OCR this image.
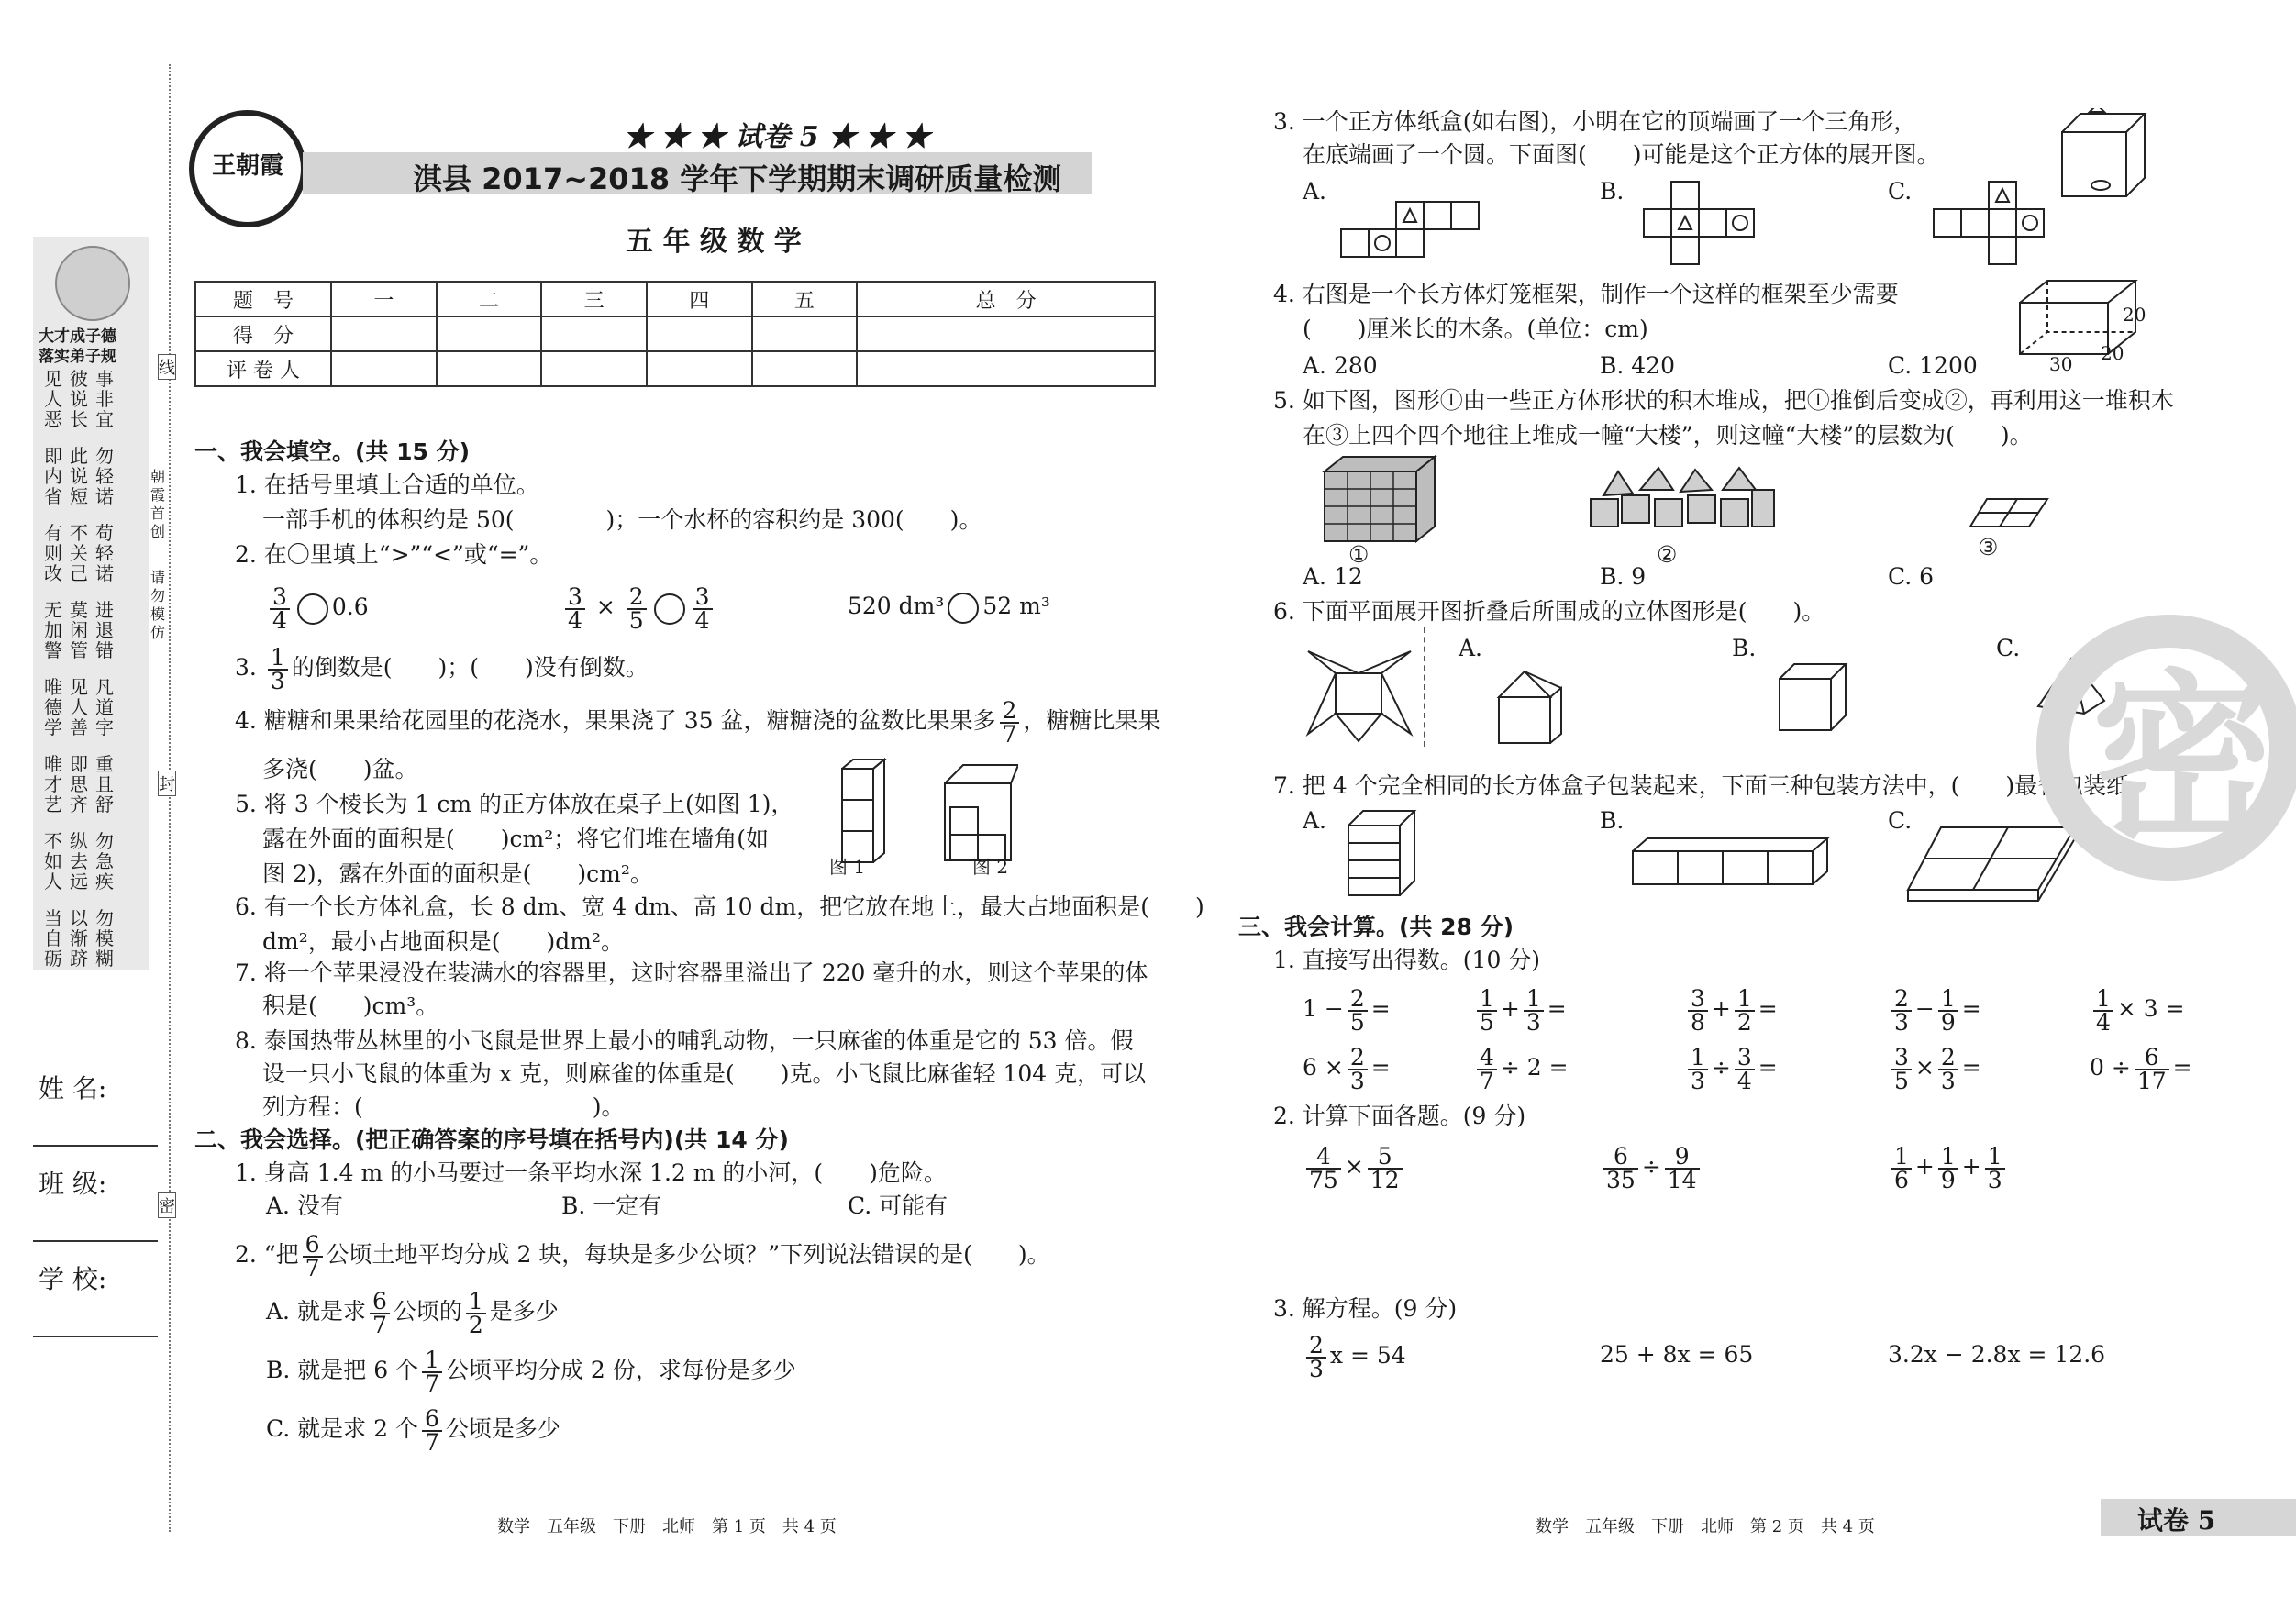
王朝霞
★ ★ ★ 试卷 5 ★ ★ ★
淇县 2017~2018 学年下学期期末调研质量检测
五 年 级 数 学
题　号	一	二	三	四	五	总　分
得　分						
评 卷 人						
大才成子德
落实弟子规
见人恶
彼说长
事非宜
即内省
此说短
勿轻诺
有则改
不关己
苟轻诺
无加警
莫闲管
进退错
唯德学
见人善
凡道字
唯才艺
即思齐
重且舒
不如人
纵去远
勿急疾
当自砺
以渐跻
勿模糊
线
封
密
朝霞首创
请勿模仿
姓 名:
班 级:
学 校:
一、我会填空。(共 15 分)
1. 在括号里填上合适的单位。
一部手机的体积约是 50(　　　　)；一个水杯的容积约是 300(　　)。
2. 在〇里填上“>”“<”或“=”。
$\frac{3}{4} 0.6$	$\frac{3}{4} \times \frac{2}{5} \frac{3}{4}$	520 dm³ 52 m³
3. $\frac{1}{3}$ 的倒数是(　　)；(　　)没有倒数。
4. 糖糖和果果给花园里的花浇水，果果浇了 35 盆，糖糖浇的盆数比果果多 $\frac{2}{7}$ ，糖糖比果果
多浇(　　)盆。
5. 将 3 个棱长为 1 cm 的正方体放在桌子上(如图 1)，
露在外面的面积是(　　)cm²；将它们堆在墙角(如
图 2)，露在外面的面积是(　　)cm²。	图 1	图 2
6. 有一个长方体礼盒，长 8 dm、宽 4 dm、高 10 dm，把它放在地上，最大占地面积是(　　)
dm²，最小占地面积是(　　)dm²。
7. 将一个苹果浸没在装满水的容器里，这时容器里溢出了 220 毫升的水，则这个苹果的体
积是(　　)cm³。
8. 泰国热带丛林里的小飞鼠是世界上最小的哺乳动物，一只麻雀的体重是它的 53 倍。假
设一只小飞鼠的体重为 x 克，则麻雀的体重是(　　)克。小飞鼠比麻雀轻 104 克，可以
列方程：(　　　　　　　　　　)。
二、我会选择。(把正确答案的序号填在括号内)(共 14 分)
1. 身高 1.4 m 的小马要过一条平均水深 1.2 m 的小河，(　　)危险。
A. 没有	B. 一定有	C. 可能有
2. “把 $\frac{6}{7}$ 公顷土地平均分成 2 块，每块是多少公顷？”下列说法错误的是(　　)。
A. 就是求 $\frac{6}{7}$ 公顷的 $\frac{1}{2}$ 是多少
B. 就是把 6 个 $\frac{1}{7}$ 公顷平均分成 2 份，求每份是多少
C. 就是求 2 个 $\frac{6}{7}$ 公顷是多少
3. 一个正方体纸盒(如右图)，小明在它的顶端画了一个三角形，
在底端画了一个圆。下面图(　　)可能是这个正方体的展开图。
A.	B.	C.
4. 右图是一个长方体灯笼框架，制作一个这样的框架至少需要
(　　)厘米长的木条。(单位：cm)
A. 280	B. 420	C. 1200
20
30 20
5. 如下图，图形①由一些正方体形状的积木堆成，把①推倒后变成②，再利用这一堆积木
在③上四个四个地往上堆成一幢“大楼”，则这幢“大楼”的层数为(　　)。
①	②	③
A. 12	B. 9	C. 6
6. 下面平面展开图折叠后所围成的立体图形是(　　)。
A.	B.	C.
7. 把 4 个完全相同的长方体盒子包装起来，下面三种包装方法中，(　　)最省包装纸。
A.	B.	C.
三、我会计算。(共 28 分)
1. 直接写出得数。(10 分)
$1 - \frac{2}{5}$ =	$\frac{1}{5} + \frac{1}{3}$ =	$\frac{3}{8} + \frac{1}{2}$ =	$\frac{2}{3} - \frac{1}{9}$ =	$\frac{1}{4} \times 3$ =
$6 \times \frac{2}{3}$ =	$\frac{4}{7} \div 2$ =	$\frac{1}{3} \div \frac{3}{4}$ =	$\frac{3}{5} \times \frac{2}{3}$ =	$0 \div \frac{6}{17}$ =
2. 计算下面各题。(9 分)
$\frac{4}{75} \times \frac{5}{12}$	$\frac{6}{35} \div \frac{9}{14}$	$\frac{1}{6} + \frac{1}{9} + \frac{1}{3}$
3. 解方程。(9 分)
$\frac{2}{3}$ x = 54	25 + 8x = 65	3.2x − 2.8x = 12.6
密
数学　五年级　下册　北师　第 1 页　共 4 页	数学　五年级　下册　北师　第 2 页　共 4 页	试卷 5
